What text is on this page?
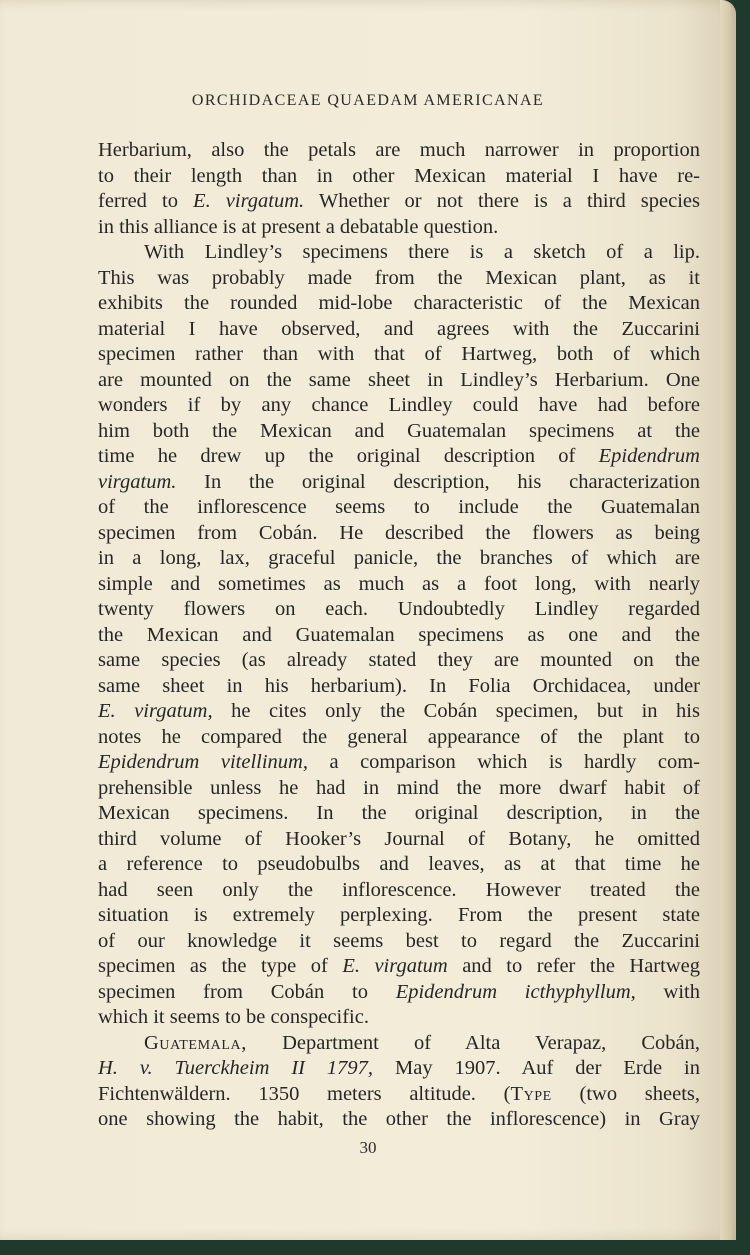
ORCHIDACEAE QUAEDAM AMERICANAE
Herbarium, also the petals are much narrower in proportion
to their length than in other Mexican material I have re-
ferred to E. virgatum. Whether or not there is a third species
in this alliance is at present a debatable question.
With Lindley’s specimens there is a sketch of a lip.
This was probably made from the Mexican plant, as it
exhibits the rounded mid-lobe characteristic of the Mexican
material I have observed, and agrees with the Zuccarini
specimen rather than with that of Hartweg, both of which
are mounted on the same sheet in Lindley’s Herbarium. One
wonders if by any chance Lindley could have had before
him both the Mexican and Guatemalan specimens at the
time he drew up the original description of Epidendrum
virgatum. In the original description, his characterization
of the inflorescence seems to include the Guatemalan
specimen from Cobán. He described the flowers as being
in a long, lax, graceful panicle, the branches of which are
simple and sometimes as much as a foot long, with nearly
twenty flowers on each. Undoubtedly Lindley regarded
the Mexican and Guatemalan specimens as one and the
same species (as already stated they are mounted on the
same sheet in his herbarium). In Folia Orchidacea, under
E. virgatum, he cites only the Cobán specimen, but in his
notes he compared the general appearance of the plant to
Epidendrum vitellinum, a comparison which is hardly com-
prehensible unless he had in mind the more dwarf habit of
Mexican specimens. In the original description, in the
third volume of Hooker’s Journal of Botany, he omitted
a reference to pseudobulbs and leaves, as at that time he
had seen only the inflorescence. However treated the
situation is extremely perplexing. From the present state
of our knowledge it seems best to regard the Zuccarini
specimen as the type of E. virgatum and to refer the Hartweg
specimen from Cobán to Epidendrum icthyphyllum, with
which it seems to be conspecific.
Guatemala, Department of Alta Verapaz, Cobán,
H. v. Tuerckheim II 1797, May 1907. Auf der Erde in
Fichtenwäldern. 1350 meters altitude. (Type (two sheets,
one showing the habit, the other the inflorescence) in Gray
30
